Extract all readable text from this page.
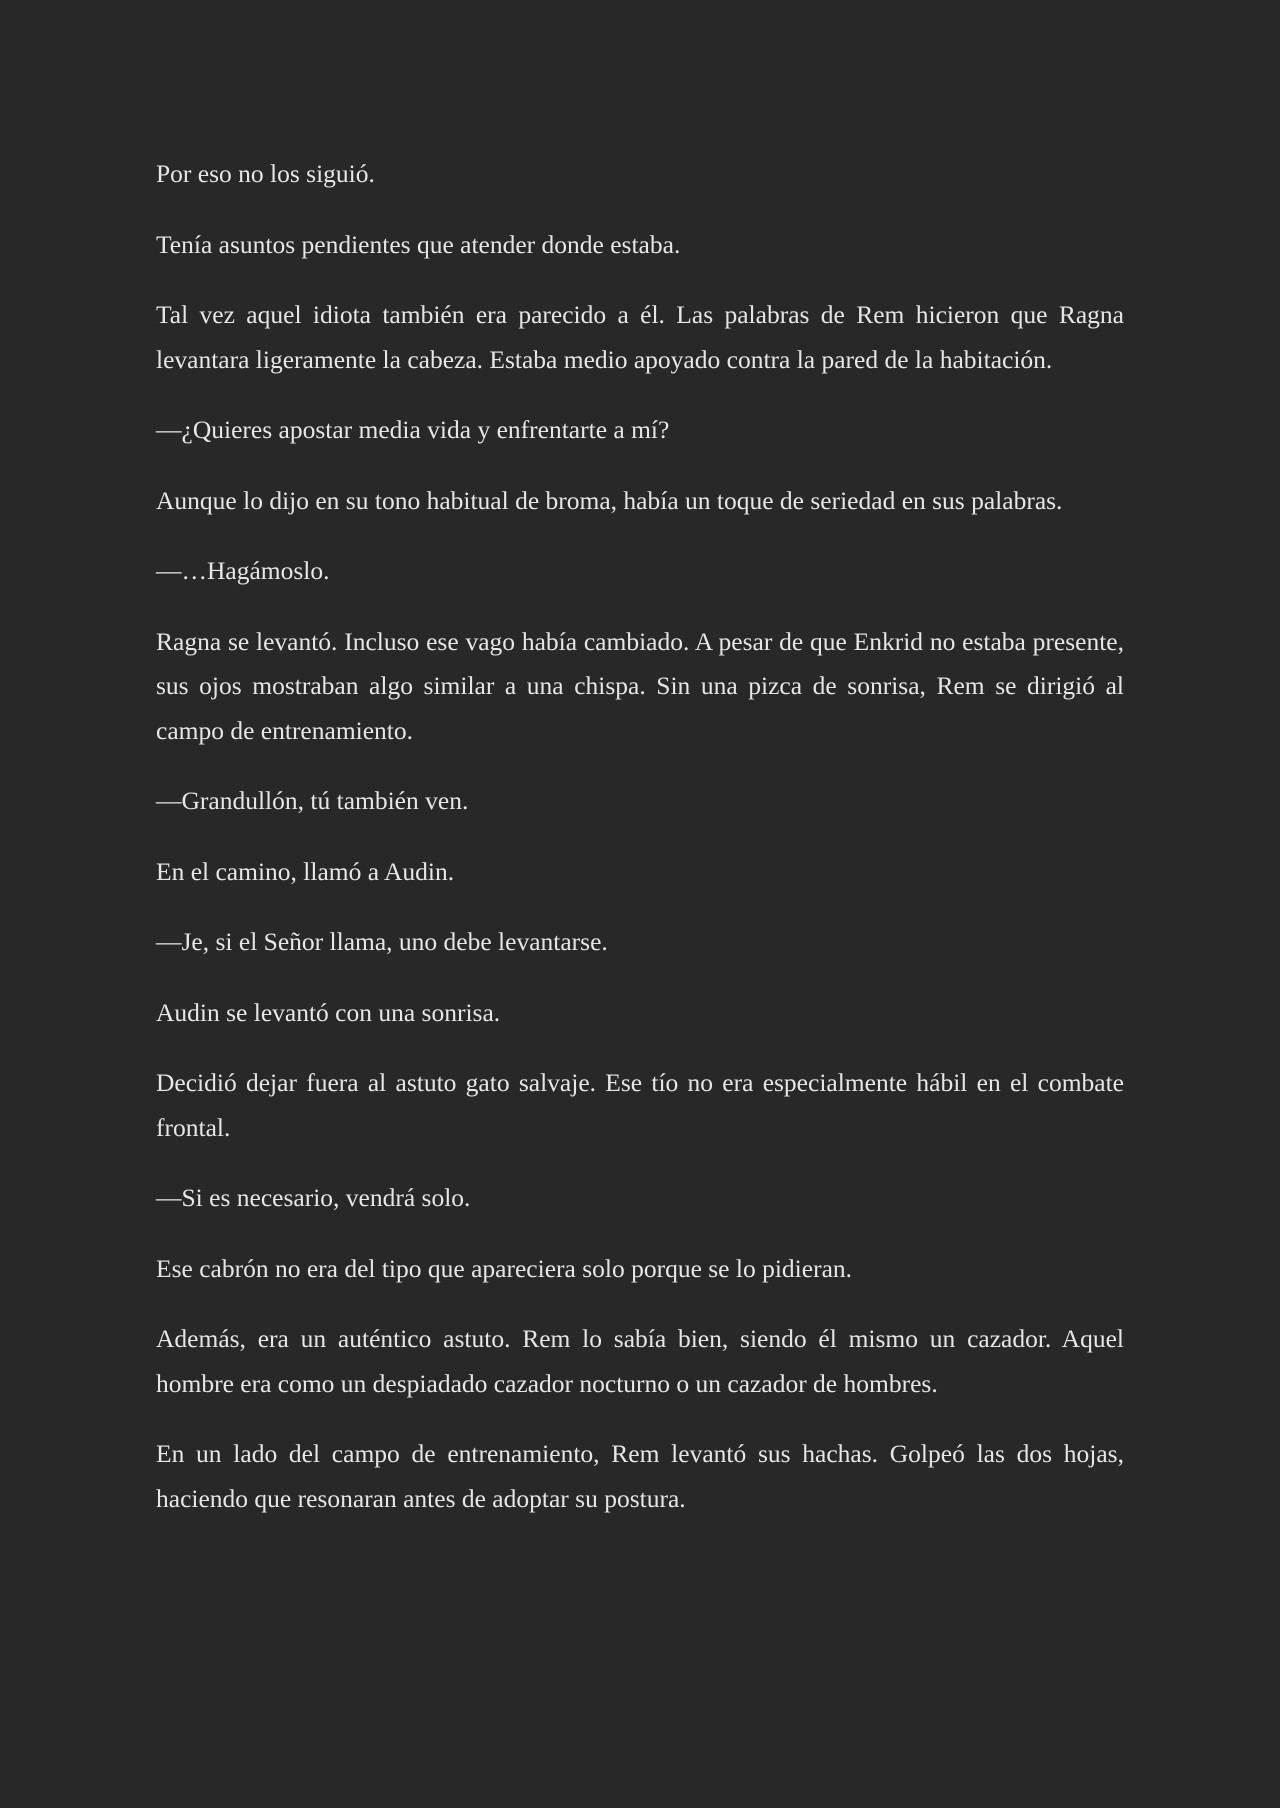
Por eso no los siguió.

Tenía asuntos pendientes que atender donde estaba.

Tal vez aquel idiota también era parecido a él. Las palabras de Rem hicieron que Ragna levantara ligeramente la cabeza. Estaba medio apoyado contra la pared de la habitación.

—¿Quieres apostar media vida y enfrentarte a mí?

Aunque lo dijo en su tono habitual de broma, había un toque de seriedad en sus palabras.

—…Hagámoslo.

Ragna se levantó. Incluso ese vago había cambiado. A pesar de que Enkrid no estaba presente, sus ojos mostraban algo similar a una chispa. Sin una pizca de sonrisa, Rem se dirigió al campo de entrenamiento.

—Grandullón, tú también ven.

En el camino, llamó a Audin.

—Je, si el Señor llama, uno debe levantarse.

Audin se levantó con una sonrisa.

Decidió dejar fuera al astuto gato salvaje. Ese tío no era especialmente hábil en el combate frontal.

—Si es necesario, vendrá solo.

Ese cabrón no era del tipo que apareciera solo porque se lo pidieran.

Además, era un auténtico astuto. Rem lo sabía bien, siendo él mismo un cazador. Aquel hombre era como un despiadado cazador nocturno o un cazador de hombres.

En un lado del campo de entrenamiento, Rem levantó sus hachas. Golpeó las dos hojas, haciendo que resonaran antes de adoptar su postura.
